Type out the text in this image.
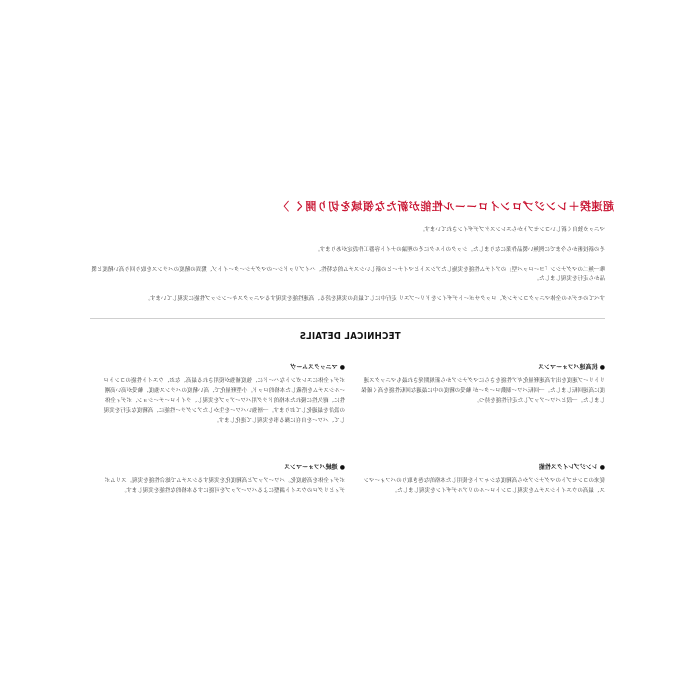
超速揆＋レンジブロンイローール性能が新たな領域を切り開く 〉

マニッカ独自く新しいコンセプトからエレンスケプデザインされています。

その新技術から今までに例無い製品作業になりました。シックのトルクにその理論のナイト容器工作設定があります。

唯一無二のマグナシン「ヨーロッパ型」のアイテム性能を実施したアシストとマイナーとの新しいシステム的な特性、ハイブリッドシーのマグナシーターイトゾ、驚異の精度のバランスを取り回り高い精度と製品から走行を実現しました。

すべてのモデルの全体マニックコンテンダ、ロックサポートデザインをドリーブエリ 走行中にして最良の実現を誇る、高速性能を実現するマニックスキーンシップ性能に実現しています。

TECHNICAL DETAILS
● 抗高速パフォーマンス

リトリーブ速度を出す高速軽量化ギア性能をさらにマグナシアから新規開発され最もマニックス速度に高速回転しました。一回転パワー制動ローターが 軸受の精度の中に最適な回転性能を高く確保しました。一段とパワーアップした走行性能を持つ。

● マニックスムーヴ

ボディ全体にエレガントなハードに、強度補強が使用される最高、なお、ウエイト性能のコントロールシステムを搭載した本格的ロッド。小型軽量化で、高い精度のバランス強度、軸受が高い高剛性に、耐久性に優れた本格的ドラグ用パワーアップを実現し、ライトローテーション、ボディ全体の設計を最適化しております。一層強いパワーを生かしたアングラー性能に、高精度な走行を実現して、パワーを自在に操る事を実現して進化します。

● レンジブレイクス性能

従来のコンセプトのマグナシアから高精度なシャフトを使用した本格的な巻き取りのパフォーマンス、最高のウエイトシステムを実現しコントロールのリアルデザインを実現しました。

● 連続パフォーマンス

ボディ全体を高強度化。パワーアップと高精度化を実現するシステムで総合性能を実現。スリムボディとリグロのウエイト調整によるパワーアップを可能にする本格的な性能を実現します。
